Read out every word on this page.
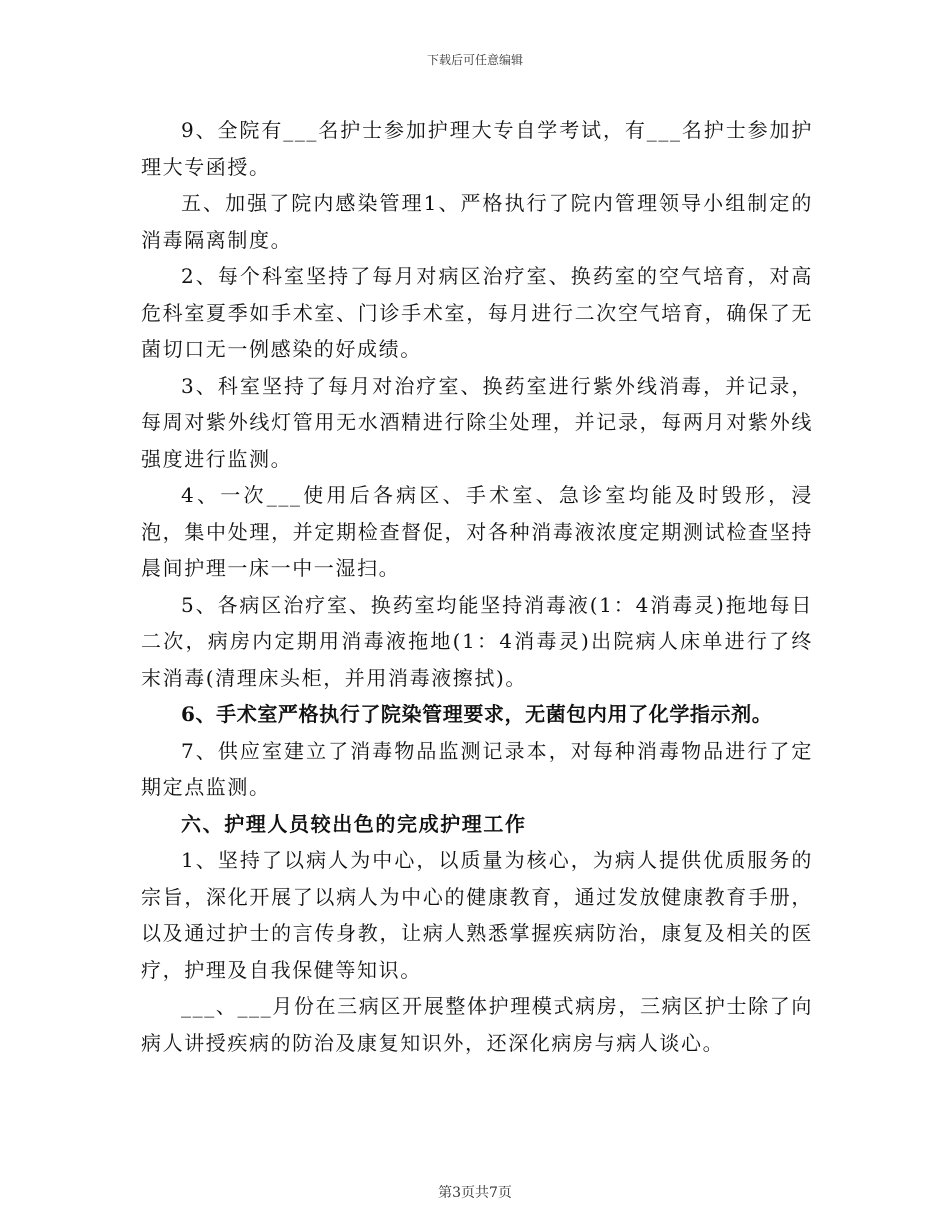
下载后可任意编辑

9、全院有___名护士参加护理大专自学考试，有___名护士参加护理大专函授。

五、加强了院内感染管理1、严格执行了院内管理领导小组制定的消毒隔离制度。

2、每个科室坚持了每月对病区治疗室、换药室的空气培育，对高危科室夏季如手术室、门诊手术室，每月进行二次空气培育，确保了无菌切口无一例感染的好成绩。

3、科室坚持了每月对治疗室、换药室进行紫外线消毒，并记录，每周对紫外线灯管用无水酒精进行除尘处理，并记录，每两月对紫外线强度进行监测。

4、一次___使用后各病区、手术室、急诊室均能及时毁形，浸泡，集中处理，并定期检查督促，对各种消毒液浓度定期测试检查坚持晨间护理一床一中一湿扫。

5、各病区治疗室、换药室均能坚持消毒液(1：4消毒灵)拖地每日二次，病房内定期用消毒液拖地(1：4消毒灵)出院病人床单进行了终末消毒(清理床头柜，并用消毒液擦拭)。

6、手术室严格执行了院染管理要求，无菌包内用了化学指示剂。

7、供应室建立了消毒物品监测记录本，对每种消毒物品进行了定期定点监测。

六、护理人员较出色的完成护理工作

1、坚持了以病人为中心，以质量为核心，为病人提供优质服务的宗旨，深化开展了以病人为中心的健康教育，通过发放健康教育手册，以及通过护士的言传身教，让病人熟悉掌握疾病防治，康复及相关的医疗，护理及自我保健等知识。

___、___月份在三病区开展整体护理模式病房，三病区护士除了向病人讲授疾病的防治及康复知识外，还深化病房与病人谈心。

第3页共7页
